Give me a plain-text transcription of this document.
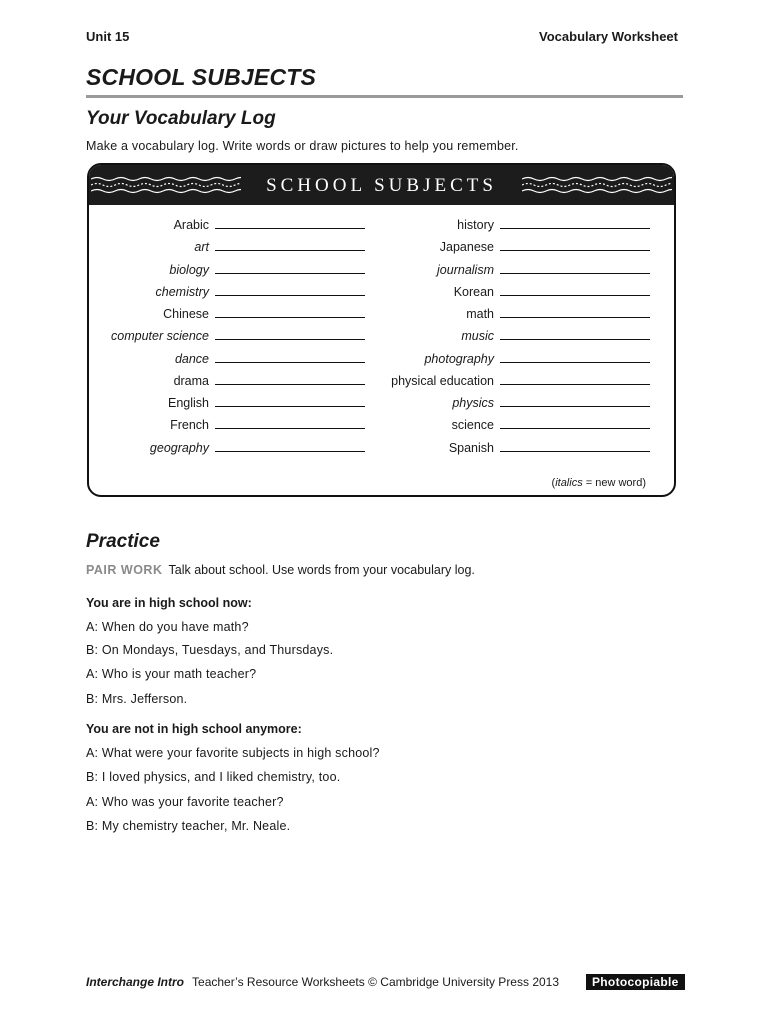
Unit 15	Vocabulary Worksheet
SCHOOL SUBJECTS
Your Vocabulary Log
Make a vocabulary log. Write words or draw pictures to help you remember.
SCHOOL SUBJECTS
Arabic
art
biology
chemistry
Chinese
computer science
dance
drama
English
French
geography
history
Japanese
journalism
Korean
math
music
photography
physical education
physics
science
Spanish
(italics = new word)
Practice
PAIR WORK Talk about school. Use words from your vocabulary log.
You are in high school now:
A: When do you have math?
B: On Mondays, Tuesdays, and Thursdays.
A: Who is your math teacher?
B: Mrs. Jefferson.
You are not in high school anymore:
A: What were your favorite subjects in high school?
B: I loved physics, and I liked chemistry, too.
A: Who was your favorite teacher?
B: My chemistry teacher, Mr. Neale.
Interchange Intro Teacher’s Resource Worksheets © Cambridge University Press 2013	Photocopiable
